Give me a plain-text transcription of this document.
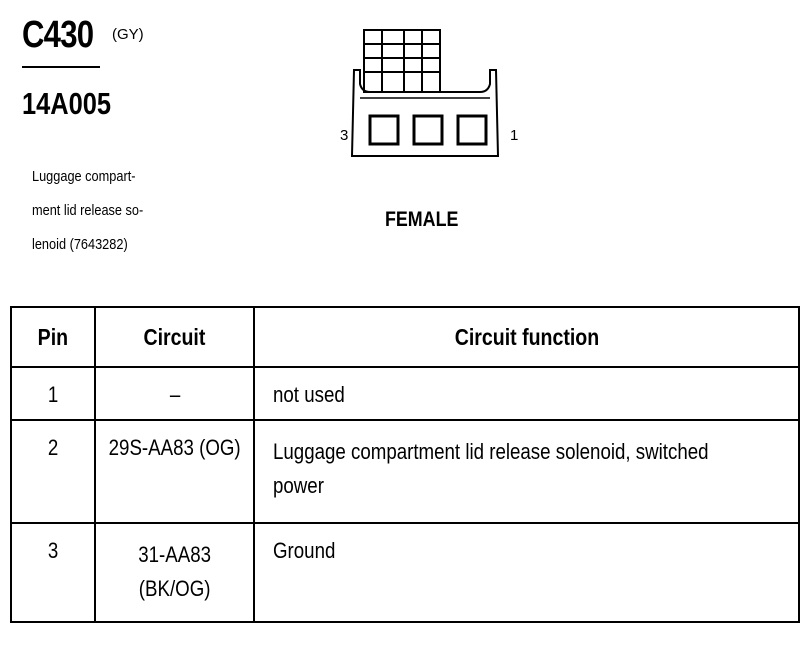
C430 (GY)
14A005
Luggage compart-
ment lid release so-
lenoid (7643282)
3	1
FEMALE
Pin	Circuit	Circuit function
1	–	not used
2	29S-AA83 (OG)	Luggage compartment lid release solenoid, switched
power

3	31-AA83
(BK/OG)	Ground
